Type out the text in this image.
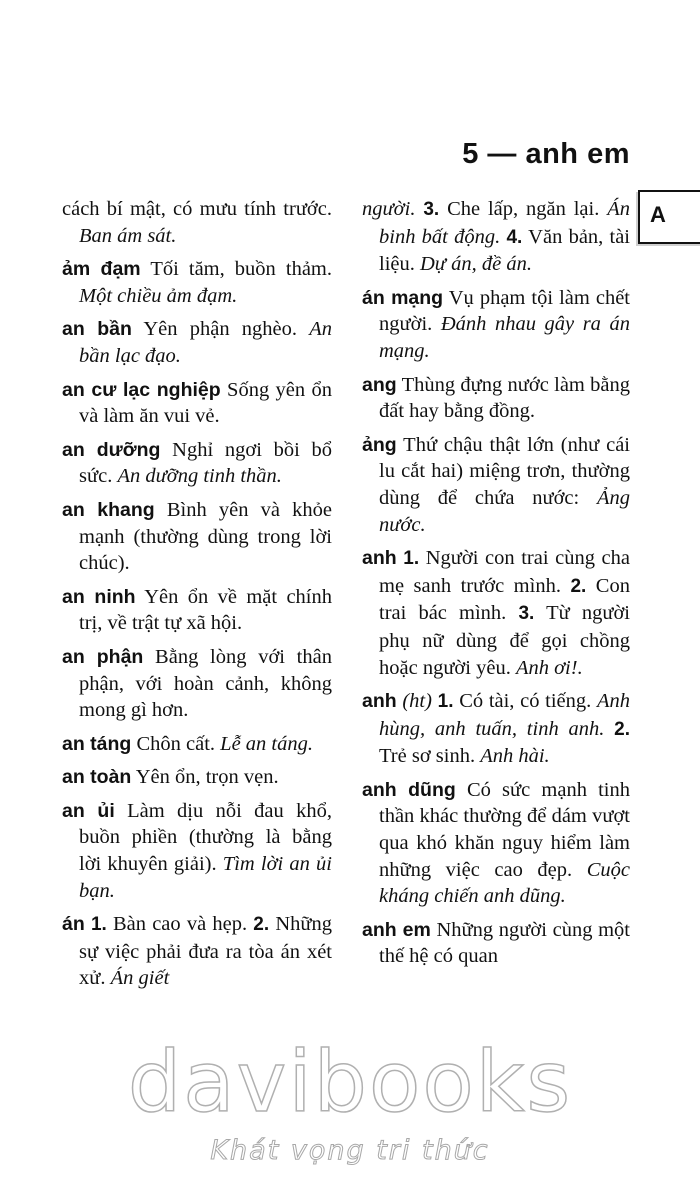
5 — anh em
A
cách bí mật, có mưu tính trước. Ban ám sát.
ảm đạm Tối tăm, buồn thảm. Một chiều ảm đạm.
an bần Yên phận nghèo. An bần lạc đạo.
an cư lạc nghiệp Sống yên ổn và làm ăn vui vẻ.
an dưỡng Nghỉ ngơi bồi bổ sức. An dưỡng tinh thần.
an khang Bình yên và khỏe mạnh (thường dùng trong lời chúc).
an ninh Yên ổn về mặt chính trị, về trật tự xã hội.
an phận Bằng lòng với thân phận, với hoàn cảnh, không mong gì hơn.
an táng Chôn cất. Lễ an táng.
an toàn Yên ổn, trọn vẹn.
an ủi Làm dịu nỗi đau khổ, buồn phiền (thường là bằng lời khuyên giải). Tìm lời an ủi bạn.
án 1. Bàn cao và hẹp. 2. Những sự việc phải đưa ra tòa án xét xử. Án giết
người. 3. Che lấp, ngăn lại. Án binh bất động. 4. Văn bản, tài liệu. Dự án, đề án.
án mạng Vụ phạm tội làm chết người. Đánh nhau gây ra án mạng.
ang Thùng đựng nước làm bằng đất hay bằng đồng.
ảng Thứ chậu thật lớn (như cái lu cắt hai) miệng trơn, thường dùng để chứa nước: Ảng nước.
anh 1. Người con trai cùng cha mẹ sanh trước mình. 2. Con trai bác mình. 3. Từ người phụ nữ dùng để gọi chồng hoặc người yêu. Anh ơi!.
anh (ht) 1. Có tài, có tiếng. Anh hùng, anh tuấn, tinh anh. 2. Trẻ sơ sinh. Anh hài.
anh dũng Có sức mạnh tinh thần khác thường để dám vượt qua khó khăn nguy hiểm làm những việc cao đẹp. Cuộc kháng chiến anh dũng.
anh em Những người cùng một thế hệ có quan
davibooks
Khát vọng tri thức
